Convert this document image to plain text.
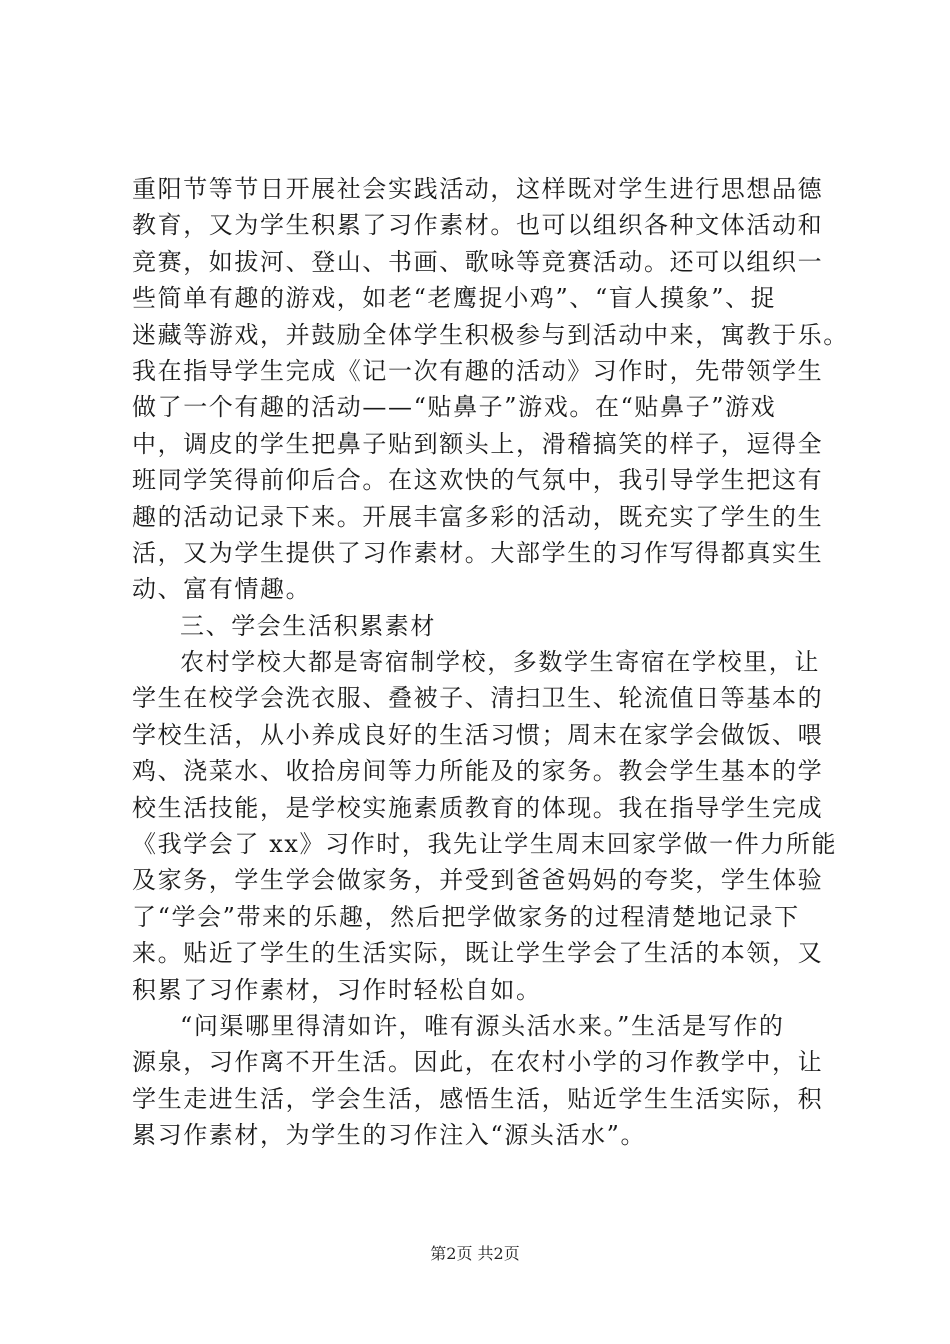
重阳节等节日开展社会实践活动，这样既对学生进行思想品德
教育，又为学生积累了习作素材。也可以组织各种文体活动和
竞赛，如拔河、登山、书画、歌咏等竞赛活动。还可以组织一
些简单有趣的游戏，如老“老鹰捉小鸡”、“盲人摸象”、捉
迷藏等游戏，并鼓励全体学生积极参与到活动中来，寓教于乐。
我在指导学生完成《记一次有趣的活动》习作时，先带领学生
做了一个有趣的活动——“贴鼻子”游戏。在“贴鼻子”游戏
中，调皮的学生把鼻子贴到额头上，滑稽搞笑的样子，逗得全
班同学笑得前仰后合。在这欢快的气氛中，我引导学生把这有
趣的活动记录下来。开展丰富多彩的活动，既充实了学生的生
活，又为学生提供了习作素材。大部学生的习作写得都真实生
动、富有情趣。
三、学会生活积累素材
农村学校大都是寄宿制学校，多数学生寄宿在学校里，让
学生在校学会洗衣服、叠被子、清扫卫生、轮流值日等基本的
学校生活，从小养成良好的生活习惯；周末在家学会做饭、喂
鸡、浇菜水、收拾房间等力所能及的家务。教会学生基本的学
校生活技能，是学校实施素质教育的体现。我在指导学生完成
《我学会了 xx》习作时，我先让学生周末回家学做一件力所能
及家务，学生学会做家务，并受到爸爸妈妈的夸奖，学生体验
了“学会”带来的乐趣，然后把学做家务的过程清楚地记录下
来。贴近了学生的生活实际，既让学生学会了生活的本领，又
积累了习作素材，习作时轻松自如。
“问渠哪里得清如许，唯有源头活水来。”生活是写作的
源泉，习作离不开生活。因此，在农村小学的习作教学中，让
学生走进生活，学会生活，感悟生活，贴近学生生活实际，积
累习作素材，为学生的习作注入“源头活水”。
第2页 共2页
